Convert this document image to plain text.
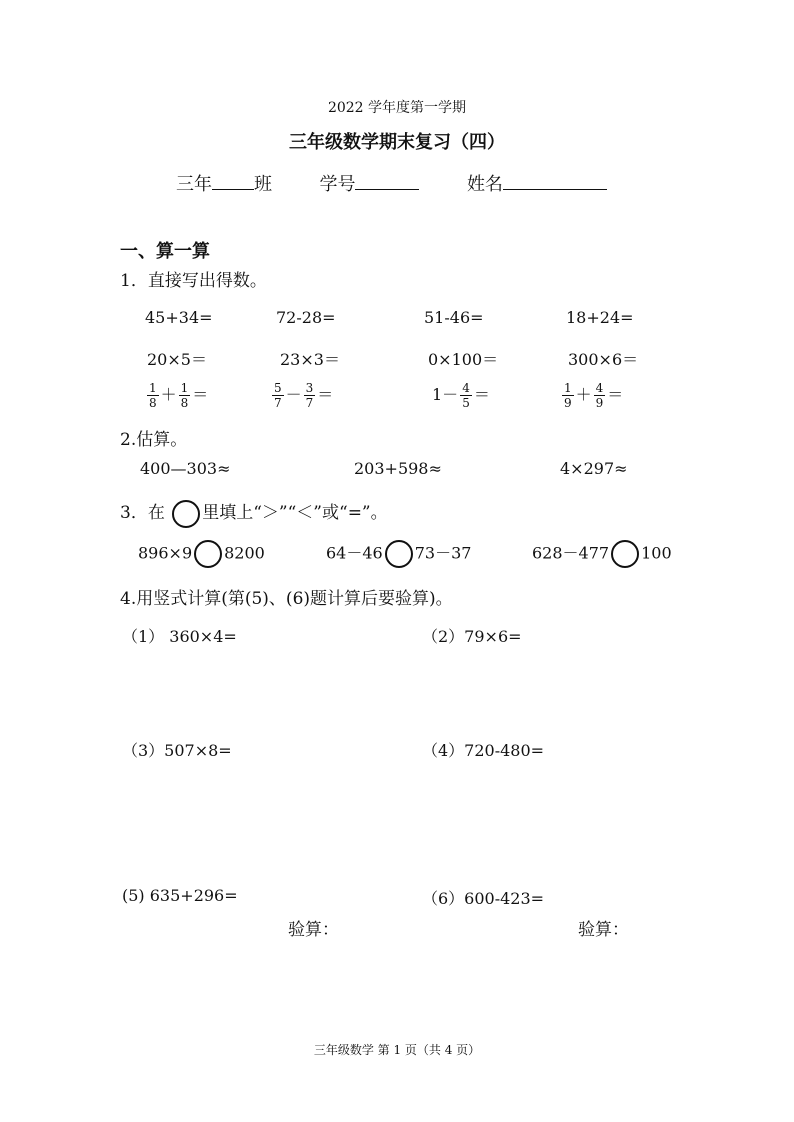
2022 学年度第一学期
三年级数学期末复习（四）
三年 班	学号	姓名
一、算一算
1．直接写出得数。
45+34=	72-28=	51-46=	18+24=
20×5＝	23×3＝	0×100＝	300×6＝
$\frac{1}{8} + \frac{1}{8}$ ＝	$\frac{5}{7} - \frac{3}{7}$ ＝	$1- \frac{4}{5}$ ＝	$\frac{1}{9} + \frac{4}{9}$ ＝
2.估算。
400—303≈	203+598≈	4×297≈
3．在 里填上“＞”“＜”或“=”。
896×9 8200	64－46 73－37	628－477 100
4.用竖式计算(第(5)、(6)题计算后要验算)。
（1） 360×4=	（2）79×6=
（3）507×8=	（4）720-480=
(5) 635+296=	（6）600-423=
验算：	验算：
三年级数学 第 1 页（共 4 页）
